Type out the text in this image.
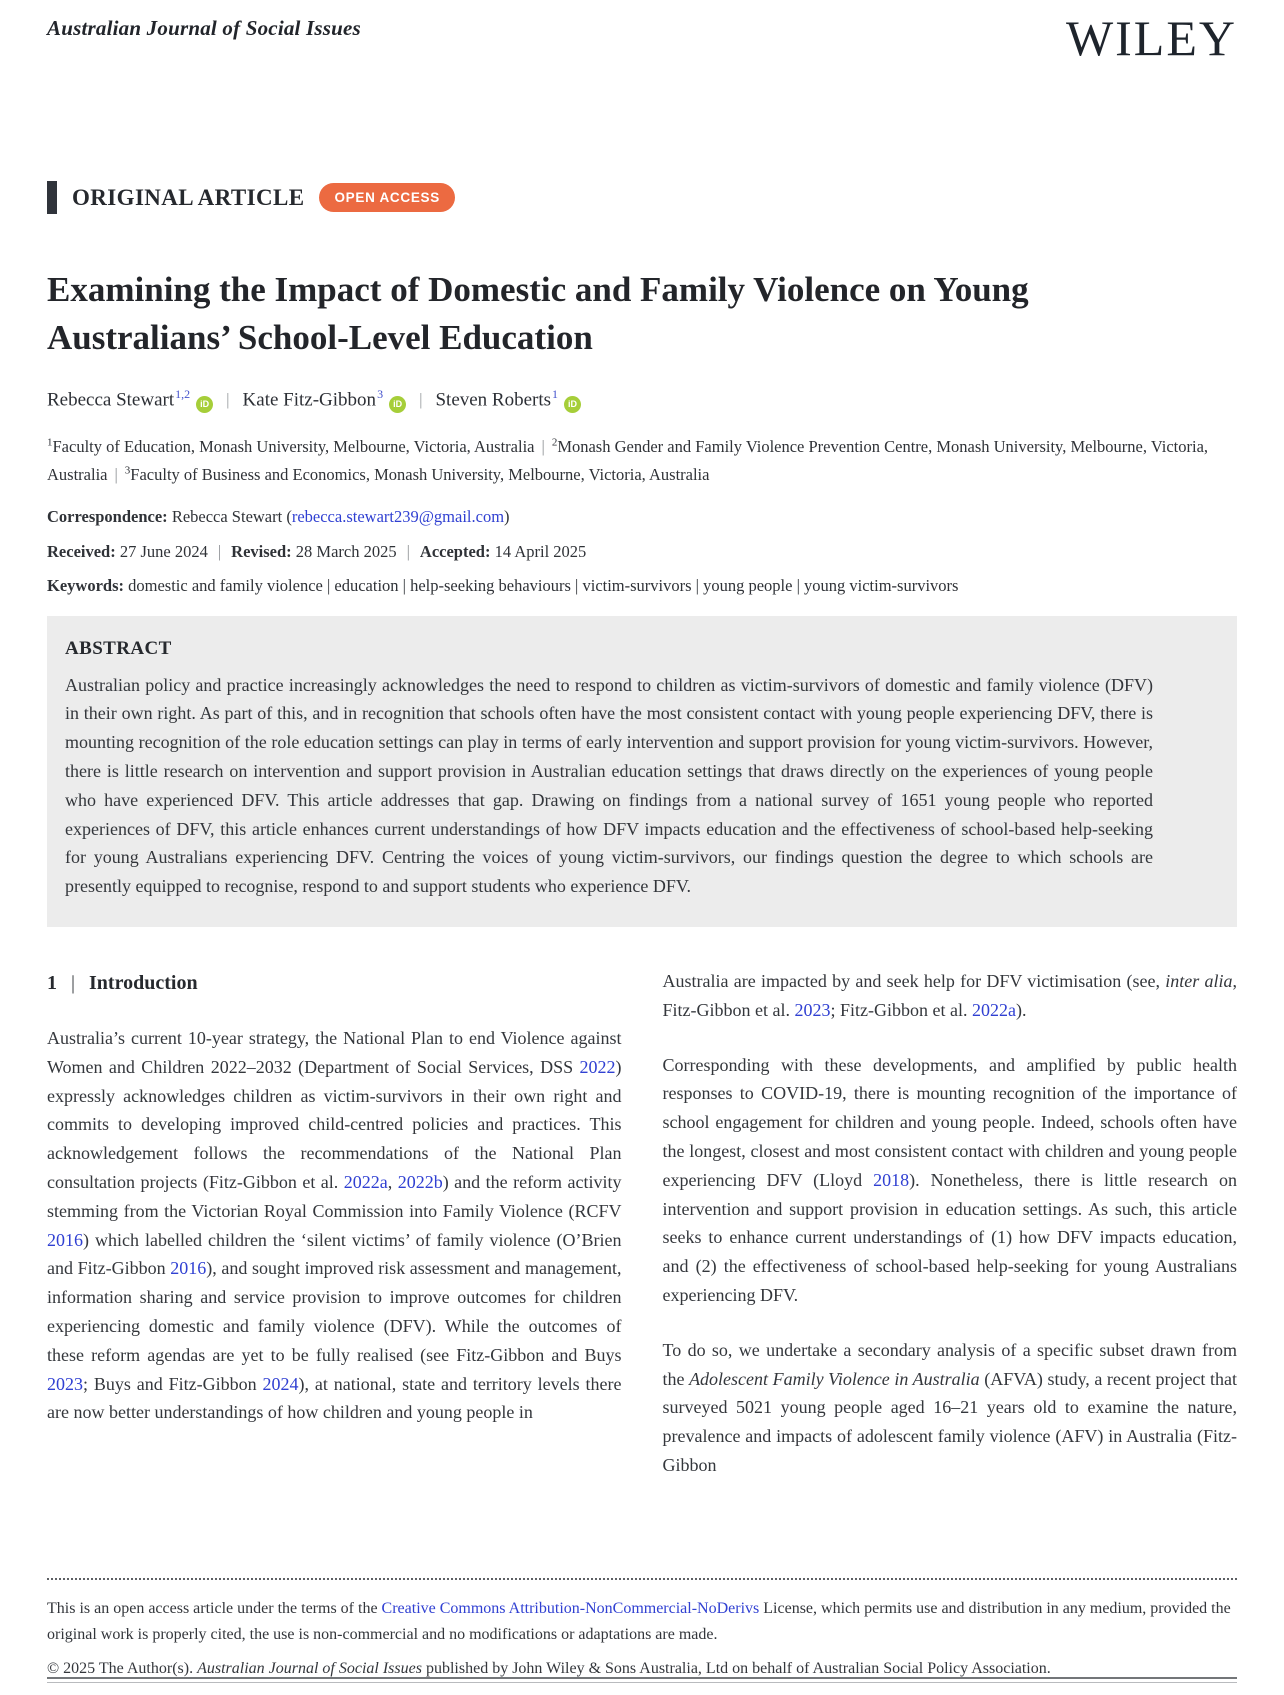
Australian Journal of Social Issues	WILEY
ORIGINAL ARTICLE	OPEN ACCESS
Examining the Impact of Domestic and Family Violence on Young Australians’ School-Level Education
Rebecca Stewart$^{1,2}$iD | Kate Fitz-Gibbon$^3$iD | Steven Roberts$^1$iD
$^1$Faculty of Education, Monash University, Melbourne, Victoria, Australia | $^2$Monash Gender and Family Violence Prevention Centre, Monash University, Melbourne, Victoria, Australia | $^3$Faculty of Business and Economics, Monash University, Melbourne, Victoria, Australia
Correspondence: Rebecca Stewart (rebecca.stewart239@gmail.com)
Received: 27 June 2024 | Revised: 28 March 2025 | Accepted: 14 April 2025
Keywords: domestic and family violence | education | help-seeking behaviours | victim-survivors | young people | young victim-survivors
ABSTRACT

Australian policy and practice increasingly acknowledges the need to respond to children as victim-survivors of domestic and family violence (DFV) in their own right. As part of this, and in recognition that schools often have the most consistent contact with young people experiencing DFV, there is mounting recognition of the role education settings can play in terms of early intervention and support provision for young victim-survivors. However, there is little research on intervention and support provision in Australian education settings that draws directly on the experiences of young people who have experienced DFV. This article addresses that gap. Drawing on findings from a national survey of 1651 young people who reported experiences of DFV, this article enhances current understandings of how DFV impacts education and the effectiveness of school-based help-seeking for young Australians experiencing DFV. Centring the voices of young victim-survivors, our findings question the degree to which schools are presently equipped to recognise, respond to and support students who experience DFV.

1 | Introduction

Australia’s current 10-year strategy, the National Plan to end Violence against Women and Children 2022–2032 (Department of Social Services, DSS 2022) expressly acknowledges children as victim-survivors in their own right and commits to developing improved child-centred policies and practices. This acknowledgement follows the recommendations of the National Plan consultation projects (Fitz-Gibbon et al. 2022a, 2022b) and the reform activity stemming from the Victorian Royal Commission into Family Violence (RCFV 2016) which labelled children the ‘silent victims’ of family violence (O’Brien and Fitz-Gibbon 2016), and sought improved risk assessment and management, information sharing and service provision to improve outcomes for children experiencing domestic and family violence (DFV). While the outcomes of these reform agendas are yet to be fully realised (see Fitz-Gibbon and Buys 2023; Buys and Fitz-Gibbon 2024), at national, state and territory levels there are now better understandings of how children and young people in

Australia are impacted by and seek help for DFV victimisation (see, inter alia, Fitz-Gibbon et al. 2023; Fitz-Gibbon et al. 2022a).

Corresponding with these developments, and amplified by public health responses to COVID-19, there is mounting recognition of the importance of school engagement for children and young people. Indeed, schools often have the longest, closest and most consistent contact with children and young people experiencing DFV (Lloyd 2018). Nonetheless, there is little research on intervention and support provision in education settings. As such, this article seeks to enhance current understandings of (1) how DFV impacts education, and (2) the effectiveness of school-based help-seeking for young Australians experiencing DFV.

To do so, we undertake a secondary analysis of a specific subset drawn from the Adolescent Family Violence in Australia (AFVA) study, a recent project that surveyed 5021 young people aged 16–21 years old to examine the nature, prevalence and impacts of adolescent family violence (AFV) in Australia (Fitz-Gibbon

This is an open access article under the terms of the Creative Commons Attribution-NonCommercial-NoDerivs License, which permits use and distribution in any medium, provided the original work is properly cited, the use is non-commercial and no modifications or adaptations are made.

© 2025 The Author(s). Australian Journal of Social Issues published by John Wiley & Sons Australia, Ltd on behalf of Australian Social Policy Association.
